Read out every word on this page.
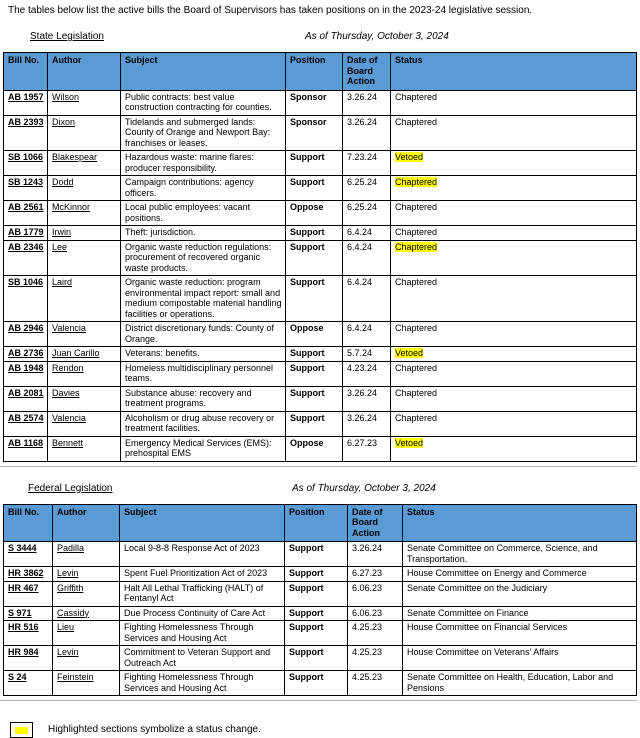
The tables below list the active bills the Board of Supervisors has taken positions on in the 2023-24 legislative session.
State Legislation	As of Thursday, October 3, 2024
Bill No.	Author	Subject	Position	Date of Board Action	Status
AB 1957	Wilson	Public contracts: best value construction contracting for counties.	Sponsor	3.26.24	Chaptered
AB 2393	Dixon	Tidelands and submerged lands: County of Orange and Newport Bay: franchises or leases.	Sponsor	3.26.24	Chaptered
SB 1066	Blakespear	Hazardous waste: marine flares: producer responsibility.	Support	7.23.24	Vetoed
SB 1243	Dodd	Campaign contributions: agency officers.	Support	6.25.24	Chaptered
AB 2561	McKinnor	Local public employees: vacant positions.	Oppose	6.25.24	Chaptered
AB 1779	Irwin	Theft: jurisdiction.	Support	6.4.24	Chaptered
AB 2346	Lee	Organic waste reduction regulations: procurement of recovered organic waste products.	Support	6.4.24	Chaptered
SB 1046	Laird	Organic waste reduction: program environmental impact report: small and medium compostable material handling facilities or operations.	Support	6.4.24	Chaptered
AB 2946	Valencia	District discretionary funds: County of Orange.	Oppose	6.4.24	Chaptered
AB 2736	Juan Carillo	Veterans: benefits.	Support	5.7.24	Vetoed
AB 1948	Rendon	Homeless multidisciplinary personnel teams.	Support	4.23.24	Chaptered
AB 2081	Davies	Substance abuse: recovery and treatment programs.	Support	3.26.24	Chaptered
AB 2574	Valencia	Alcoholism or drug abuse recovery or treatment facilities.	Support	3.26.24	Chaptered
AB 1168	Bennett	Emergency Medical Services (EMS): prehospital EMS	Oppose	6.27.23	Vetoed
Federal Legislation	As of Thursday, October 3, 2024
Bill No.	Author	Subject	Position	Date of Board Action	Status
S 3444	Padilla	Local 9-8-8 Response Act of 2023	Support	3.26.24	Senate Committee on Commerce, Science, and Transportation.
HR 3862	Levin	Spent Fuel Prioritization Act of 2023	Support	6.27.23	House Committee on Energy and Commerce
HR 467	Griffith	Halt All Lethal Trafficking (HALT) of Fentanyl Act	Support	6.06.23	Senate Committee on the Judiciary
S 971	Cassidy	Due Process Continuity of Care Act	Support	6.06.23	Senate Committee on Finance
HR 516	Lieu	Fighting Homelessness Through Services and Housing Act	Support	4.25.23	House Committee on Financial Services
HR 984	Levin	Commitment to Veteran Support and Outreach Act	Support	4.25.23	House Committee on Veterans' Affairs
S 24	Feinstein	Fighting Homelessness Through Services and Housing Act	Support	4.25.23	Senate Committee on Health, Education, Labor and Pensions
Highlighted sections symbolize a status change.
